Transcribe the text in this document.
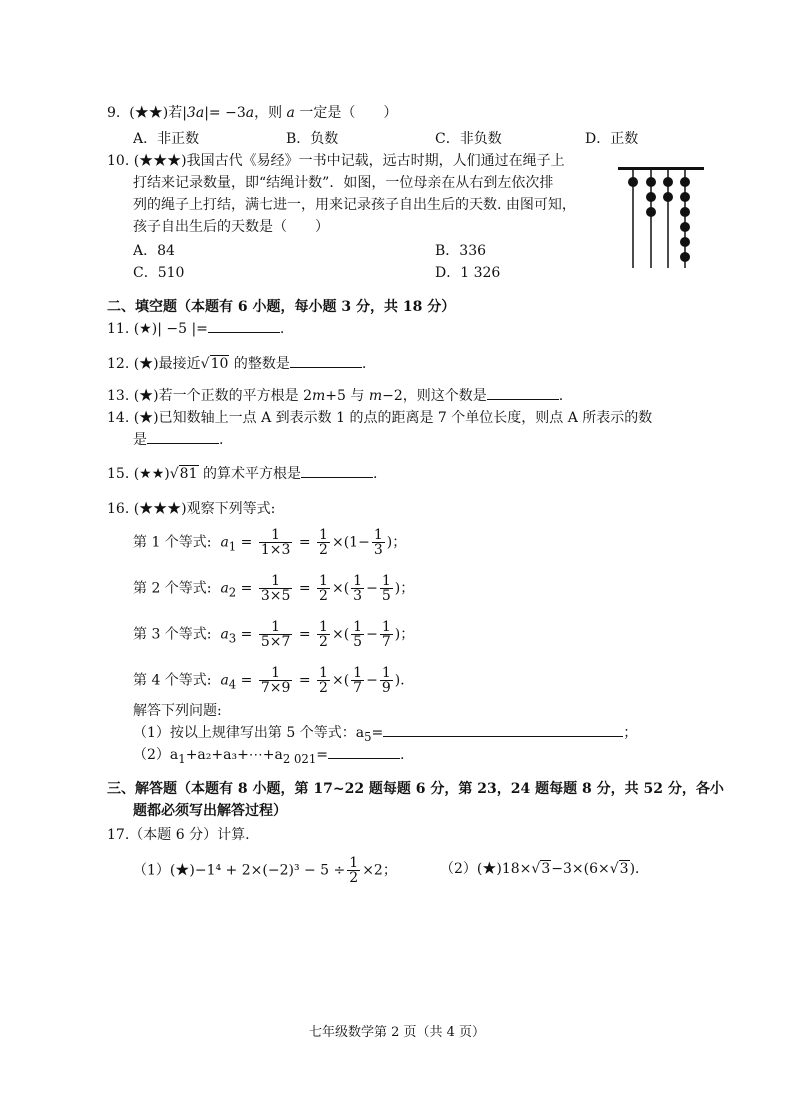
9. (★★)若|3a|= −3a，则 a 一定是（　　）
A．非正数	B．负数	C．非负数	D．正数
10. (★★★)我国古代《易经》一书中记载，远古时期，人们通过在绳子上
打结来记录数量，即“结绳计数”．如图，一位母亲在从右到左依次排
列的绳子上打结，满七进一，用来记录孩子自出生后的天数. 由图可知，
孩子自出生后的天数是（　　）
A．84	B．336
C．510	D．1 326
二、填空题（本题有 6 小题，每小题 3 分，共 18 分）
11. (★)| −5 |=	.
12. (★)最接近√10 的整数是	.
13. (★)若一个正数的平方根是 2m+5 与 m−2，则这个数是	.
14. (★)已知数轴上一点 A 到表示数 1 的点的距离是 7 个单位长度，则点 A 所表示的数
是	.
15. (★★)√81 的算术平方根是	.
16. (★★★)观察下列等式:
第 1 个等式: $a_1 = \frac{1}{1\times 3} = \frac{1}{2} \times(1- \frac{1}{3}$ )；
第 2 个等式: $a_2 = \frac{1}{3\times 5} = \frac{1}{2}$ ×( $\frac{1}{3} - \frac{1}{5}$ )；
第 3 个等式: $a_3 = \frac{1}{5\times 7} = \frac{1}{2}$ ×( $\frac{1}{5} - \frac{1}{7}$ )；
第 4 个等式: $a_4 = \frac{1}{7\times 9} = \frac{1}{2}$ ×( $\frac{1}{7} - \frac{1}{9}$ )．
解答下列问题:
（1）按以上规律写出第 5 个等式：$a_5=$	；
$(2)a_1+a_2+a_3+\cdots+a_{2 021}=$	.
三、解答题（本题有 8 小题，第 17~22 题每题 6 分，第 23，24 题每题 8 分，共 52 分，各小
题都必须写出解答过程）
17.（本题 6 分）计算.
（1）(★)−1⁴ + $2\times(-2)^3 - 5 \div \frac{1}{2} \times 2$；	（2）(★)18×√3−3×(6×√3)．
七年级数学第 2 页（共 4 页）
